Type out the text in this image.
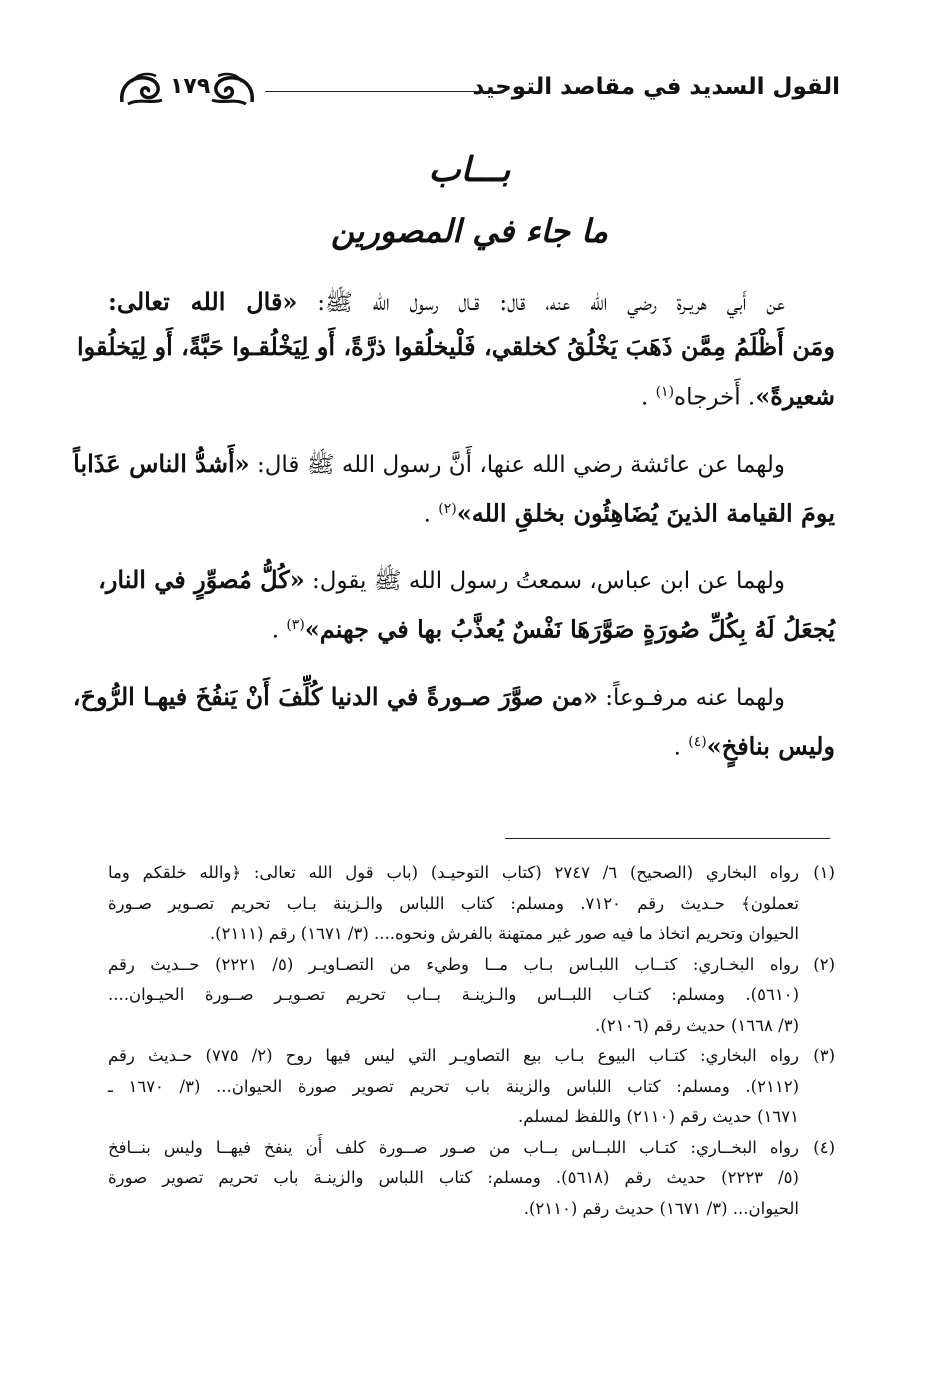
القول السديد في مقاصد التوحيد
١٧٩
بـــاب
ما جاء في المصورين
عن أَبي هريـرة رضي الله عنه، قال: قـال رسول الله ﷺ: «قال الله تعالى:
ومَن أَظْلَمُ مِمَّن ذَهَبَ يَخْلُقُ كخلقي، فَلْيخلُقوا ذرَّةً، أَو لِيَخْلُقـوا حَبَّةً، أَو لِيَخلُقوا
شعيرةً». أَخرجاه$^{(١)}$ .
ولهما عن عائشة رضي الله عنها، أَنَّ رسول الله ﷺ قال: «أَشدُّ الناس عَذَاباً
يومَ القيامة الذينَ يُضَاهِئُون بخلقِ الله»$^{(٢)}$ .
ولهما عن ابن عباس، سمعتُ رسول الله ﷺ يقول: «كُلُّ مُصوِّرٍ في النار،
يُجعَلُ لَهُ بِكُلِّ صُورَةٍ صَوَّرَهَا نَفْسٌ يُعذَّبُ بها في جهنم»$^{(٣)}$ .
ولهما عنه مرفـوعاً: «من صوَّرَ صـورةً في الدنيا كُلِّفَ أَنْ يَنفُخَ فيهـا الرُّوحَ،
وليس بنافخٍ»$^{(٤)}$ .
(١)رواه البخاري (الصحيح) ٦/ ٢٧٤٧ (كتاب التوحيـد) (باب قول الله تعالى: ﴿والله خلقكم وما
تعملون﴾ حـديث رقم ٧١٢٠. ومسلم: كتاب اللباس والـزينة بـاب تحريم تصـوير صـورة
الحيوان وتحريم اتخاذ ما فيه صور غير ممتهنة بالفرش ونحوه.... (٣/ ١٦٧١) رقم (٢١١١).
(٢)رواه البخـاري: كتــاب اللبـاس بـاب مــا وطيء من التصـاويـر (٥/ ٢٢٢١) حــديث رقم
(٥٦١٠). ومسلم: كتـاب اللبــاس والـزينـة بــاب تحريم تصـويـر صــورة الحيـوان....
(٣/ ١٦٦٨) حديث رقم (٢١٠٦).
(٣)رواه البخاري: كتـاب البيوع بـاب بيع التصاويـر التي ليس فيها روح (٢/ ٧٧٥) حـديث رقم
(٢١١٢). ومسلم: كتاب اللباس والزينة باب تحريم تصوير صورة الحيوان... (٣/ ١٦٧٠ ـ
١٦٧١) حديث رقم (٢١١٠) واللفظ لمسلم.
(٤)رواه البخــاري: كتـاب اللبــاس بــاب من صـور صــورة كلف أَن ينفخ فيهــا وليس بنــافخ
(٥/ ٢٢٢٣) حديث رقم (٥٦١٨). ومسلم: كتاب اللباس والزينـة باب تحريم تصوير صورة
الحيوان... (٣/ ١٦٧١) حديث رقم (٢١١٠).
